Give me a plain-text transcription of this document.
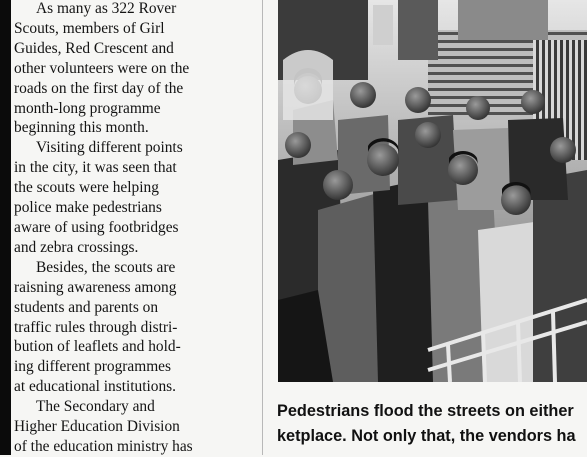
As many as 322 Rover
Scouts, members of Girl
Guides, Red Crescent and
other volunteers were on the
roads on the first day of the
month-long programme
beginning this month.

Visiting different points
in the city, it was seen that
the scouts were helping
police make pedestrians
aware of using footbridges
and zebra crossings.

Besides, the scouts are
raisning awareness among
students and parents on
traffic rules through distri-
bution of leaflets and hold-
ing different programmes
at educational institutions.

The Secondary and
Higher Education Division
of the education ministry has

Pedestrians flood the streets on either
ketplace. Not only that, the vendors ha
